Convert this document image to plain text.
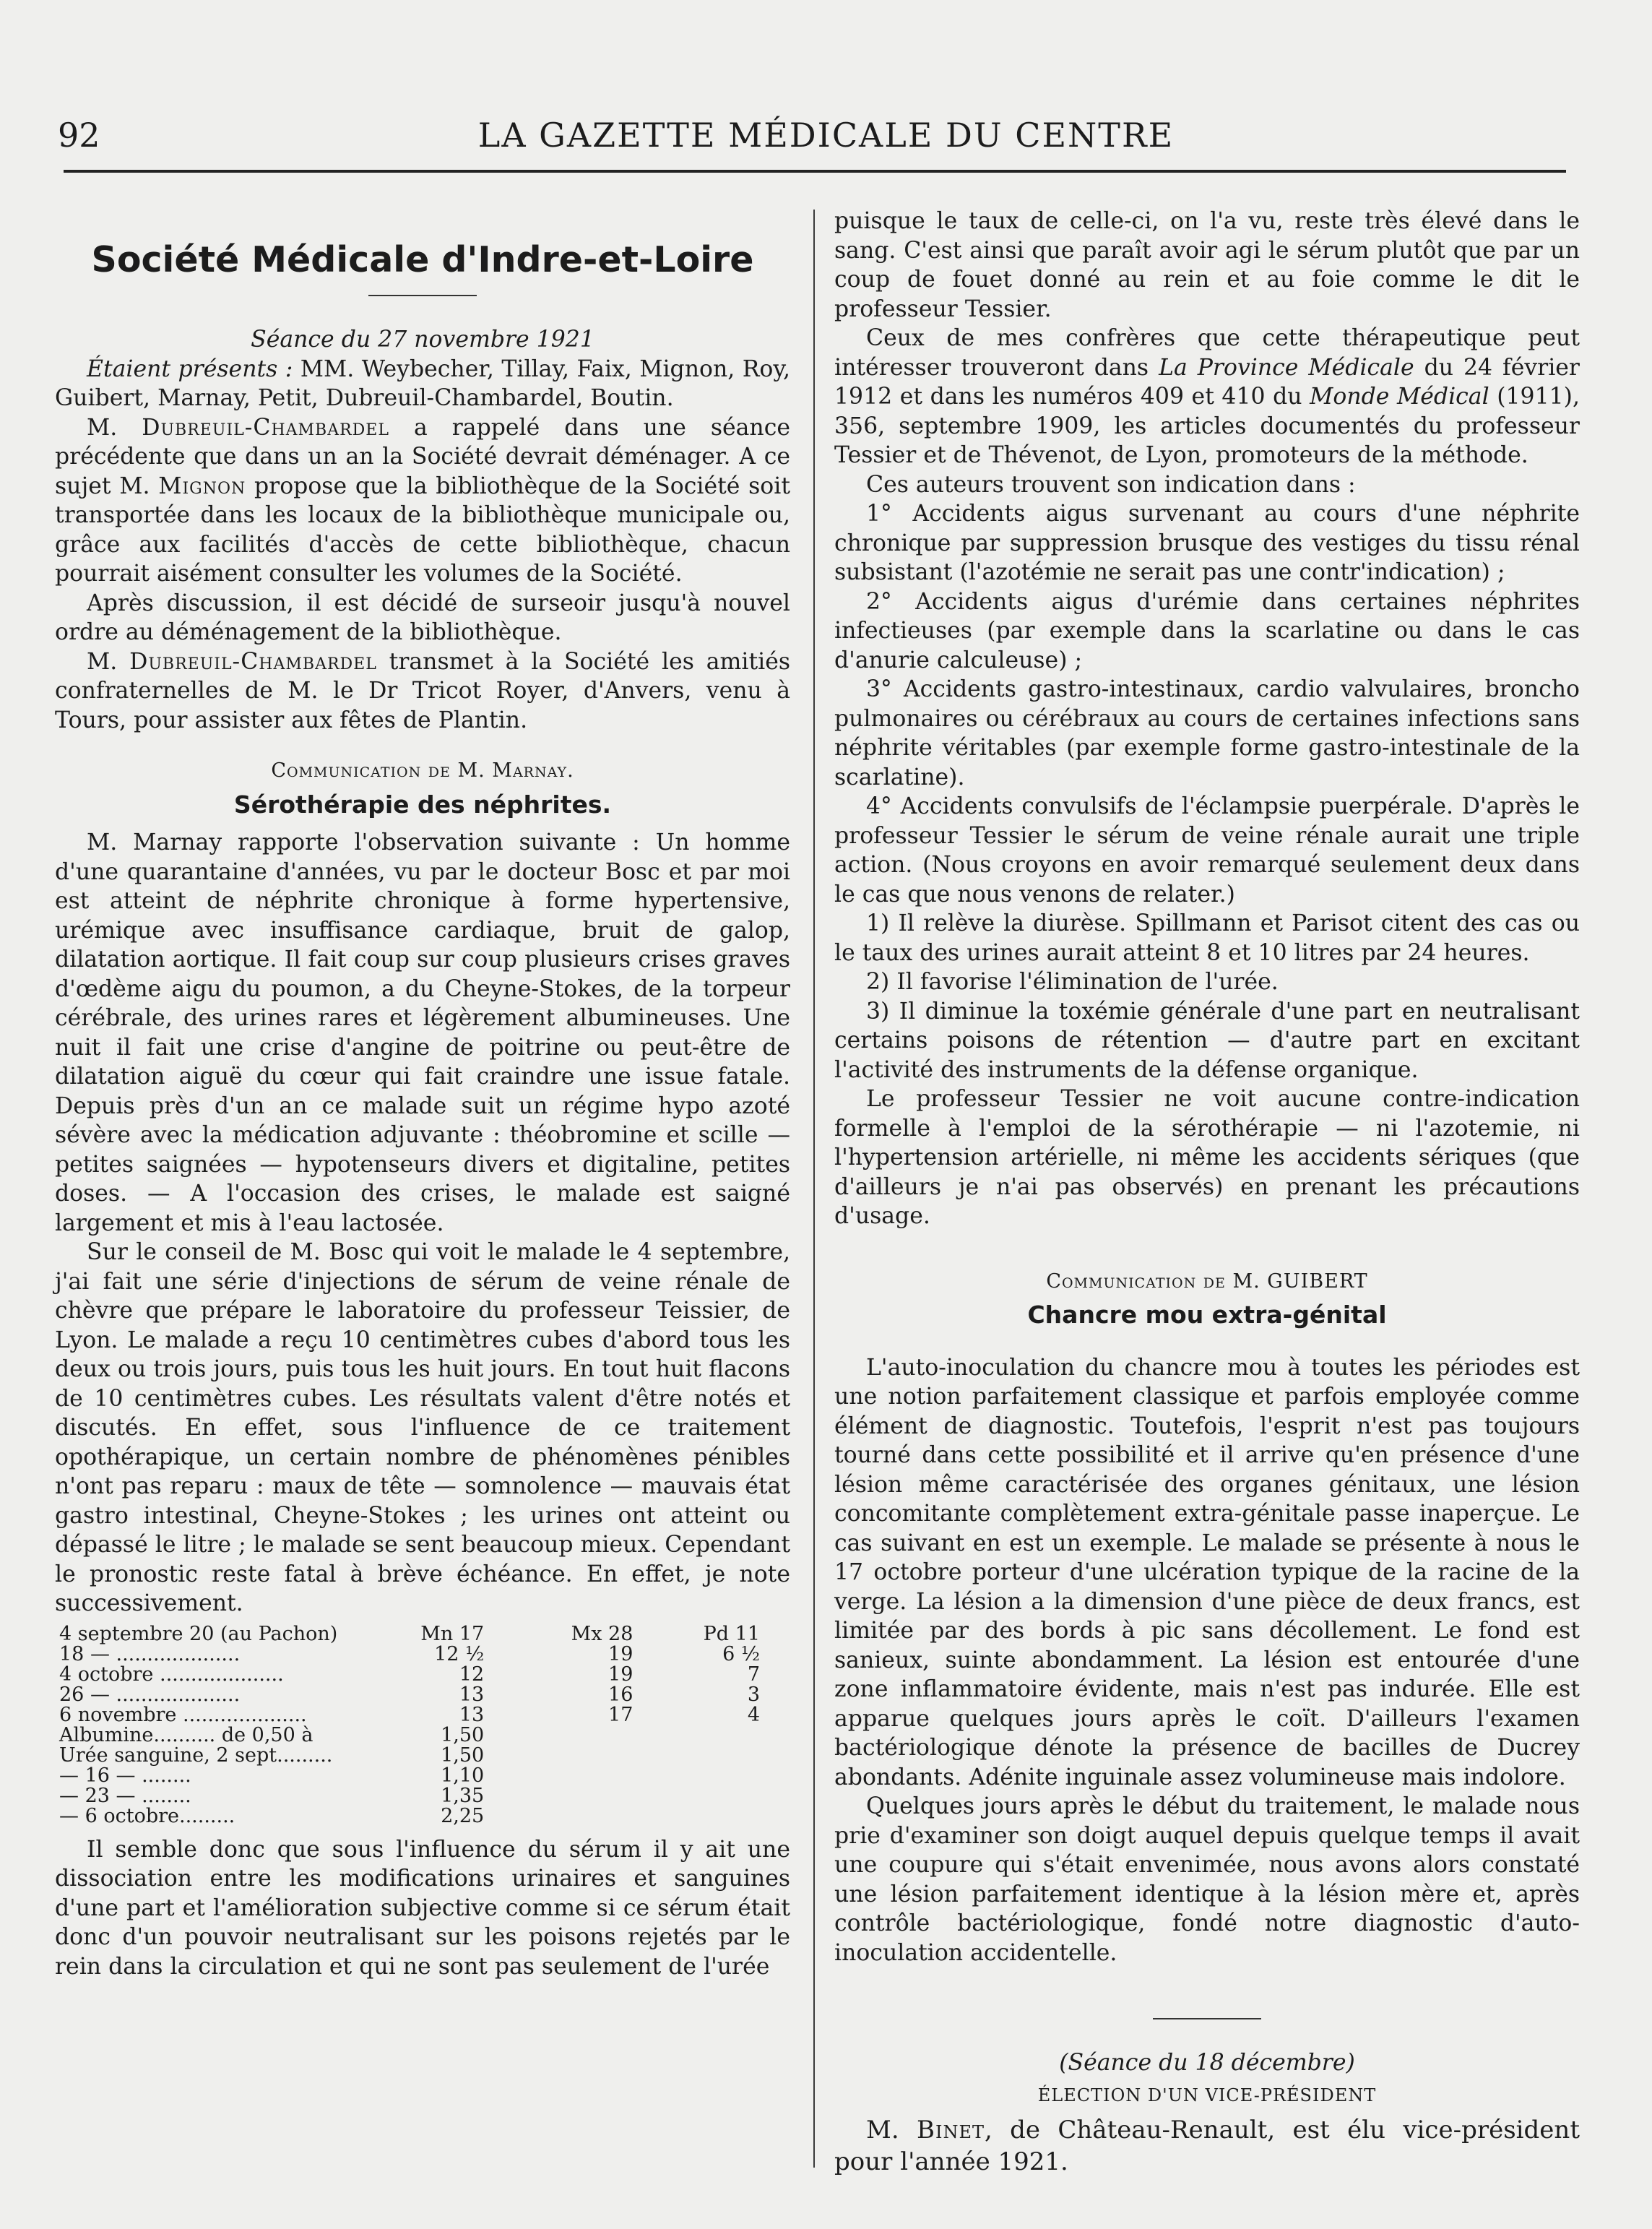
92	LA GAZETTE MÉDICALE DU CENTRE
Société Médicale d'Indre-et-Loire

Séance du 27 novembre 1921

Étaient présents : MM. Weybecher, Tillay, Faix, Mignon, Roy, Guibert, Marnay, Petit, Dubreuil-Chambardel, Boutin.

M. Dubreuil-Chambardel a rappelé dans une séance précédente que dans un an la Société devrait déménager. A ce sujet M. Mignon propose que la bibliothèque de la Société soit transportée dans les locaux de la bibliothèque municipale ou, grâce aux facilités d'accès de cette bibliothèque, chacun pourrait aisément consulter les volumes de la Société.

Après discussion, il est décidé de surseoir jusqu'à nouvel ordre au déménagement de la bibliothèque.

M. Dubreuil-Chambardel transmet à la Société les amitiés confraternelles de M. le Dr Tricot Royer, d'Anvers, venu à Tours, pour assister aux fêtes de Plantin.

Communication de M. Marnay.
Sérothérapie des néphrites.

M. Marnay rapporte l'observation suivante : Un homme d'une quarantaine d'années, vu par le docteur Bosc et par moi est atteint de néphrite chronique à forme hypertensive, urémique avec insuffisance cardiaque, bruit de galop, dilatation aortique. Il fait coup sur coup plusieurs crises graves d'œdème aigu du poumon, a du Cheyne-Stokes, de la torpeur cérébrale, des urines rares et légèrement albumineuses. Une nuit il fait une crise d'angine de poitrine ou peut-être de dilatation aiguë du cœur qui fait craindre une issue fatale. Depuis près d'un an ce malade suit un régime hypo azoté sévère avec la médication adjuvante : théobromine et scille — petites saignées — hypotenseurs divers et digitaline, petites doses. — A l'occasion des crises, le malade est saigné largement et mis à l'eau lactosée.

Sur le conseil de M. Bosc qui voit le malade le 4 septembre, j'ai fait une série d'injections de sérum de veine rénale de chèvre que prépare le laboratoire du professeur Teissier, de Lyon. Le malade a reçu 10 centimètres cubes d'abord tous les deux ou trois jours, puis tous les huit jours. En tout huit flacons de 10 centimètres cubes. Les résultats valent d'être notés et discutés. En effet, sous l'influence de ce traitement opothérapique, un certain nombre de phénomènes pénibles n'ont pas reparu : maux de tête — somnolence — mauvais état gastro intestinal, Cheyne-Stokes ; les urines ont atteint ou dépassé le litre ; le malade se sent beaucoup mieux. Cependant le pronostic reste fatal à brève échéance. En effet, je note successivement.

4 septembre 20 (au Pachon)	Mn 17	Mx 28	Pd 11
18 — ....................	12 ½	19	6 ½
4 octobre ....................	12	19	7
26 — ....................	13	16	3
6 novembre ....................	13	17	4
Albumine.......... de 0,50 à	1,50		
Urée sanguine, 2 sept.........	1,50		
— 16 — ........	1,10		
— 23 — ........	1,35		
— 6 octobre.........	2,25		

Il semble donc que sous l'influence du sérum il y ait une dissociation entre les modifications urinaires et sanguines d'une part et l'amélioration subjective comme si ce sérum était donc d'un pouvoir neutralisant sur les poisons rejetés par le rein dans la circulation et qui ne sont pas seulement de l'urée

puisque le taux de celle-ci, on l'a vu, reste très élevé dans le sang. C'est ainsi que paraît avoir agi le sérum plutôt que par un coup de fouet donné au rein et au foie comme le dit le professeur Tessier.

Ceux de mes confrères que cette thérapeutique peut intéresser trouveront dans La Province Médicale du 24 février 1912 et dans les numéros 409 et 410 du Monde Médical (1911), 356, septembre 1909, les articles documentés du professeur Tessier et de Thévenot, de Lyon, promoteurs de la méthode.

Ces auteurs trouvent son indication dans :

1° Accidents aigus survenant au cours d'une néphrite chronique par suppression brusque des vestiges du tissu rénal subsistant (l'azotémie ne serait pas une contr'indication) ;

2° Accidents aigus d'urémie dans certaines néphrites infectieuses (par exemple dans la scarlatine ou dans le cas d'anurie calculeuse) ;

3° Accidents gastro-intestinaux, cardio valvulaires, broncho pulmonaires ou cérébraux au cours de certaines infections sans néphrite véritables (par exemple forme gastro-intestinale de la scarlatine).

4° Accidents convulsifs de l'éclampsie puerpérale. D'après le professeur Tessier le sérum de veine rénale aurait une triple action. (Nous croyons en avoir remarqué seulement deux dans le cas que nous venons de relater.)

1) Il relève la diurèse. Spillmann et Parisot citent des cas ou le taux des urines aurait atteint 8 et 10 litres par 24 heures.

2) Il favorise l'élimination de l'urée.

3) Il diminue la toxémie générale d'une part en neutralisant certains poisons de rétention — d'autre part en excitant l'activité des instruments de la défense organique.

Le professeur Tessier ne voit aucune contre-indication formelle à l'emploi de la sérothérapie — ni l'azotemie, ni l'hypertension artérielle, ni même les accidents sériques (que d'ailleurs je n'ai pas observés) en prenant les précautions d'usage.

Communication de M. GUIBERT
Chancre mou extra-génital

L'auto-inoculation du chancre mou à toutes les périodes est une notion parfaitement classique et parfois employée comme élément de diagnostic. Toutefois, l'esprit n'est pas toujours tourné dans cette possibilité et il arrive qu'en présence d'une lésion même caractérisée des organes génitaux, une lésion concomitante complètement extra-génitale passe inaperçue. Le cas suivant en est un exemple. Le malade se présente à nous le 17 octobre porteur d'une ulcération typique de la racine de la verge. La lésion a la dimension d'une pièce de deux francs, est limitée par des bords à pic sans décollement. Le fond est sanieux, suinte abondamment. La lésion est entourée d'une zone inflammatoire évidente, mais n'est pas indurée. Elle est apparue quelques jours après le coït. D'ailleurs l'examen bactériologique dénote la présence de bacilles de Ducrey abondants. Adénite inguinale assez volumineuse mais indolore.

Quelques jours après le début du traitement, le malade nous prie d'examiner son doigt auquel depuis quelque temps il avait une coupure qui s'était envenimée, nous avons alors constaté une lésion parfaitement identique à la lésion mère et, après contrôle bactériologique, fondé notre diagnostic d'auto-inoculation accidentelle.

(Séance du 18 décembre)

ÉLECTION D'UN VICE-PRÉSIDENT

M. Binet, de Château-Renault, est élu vice-président pour l'année 1921.
